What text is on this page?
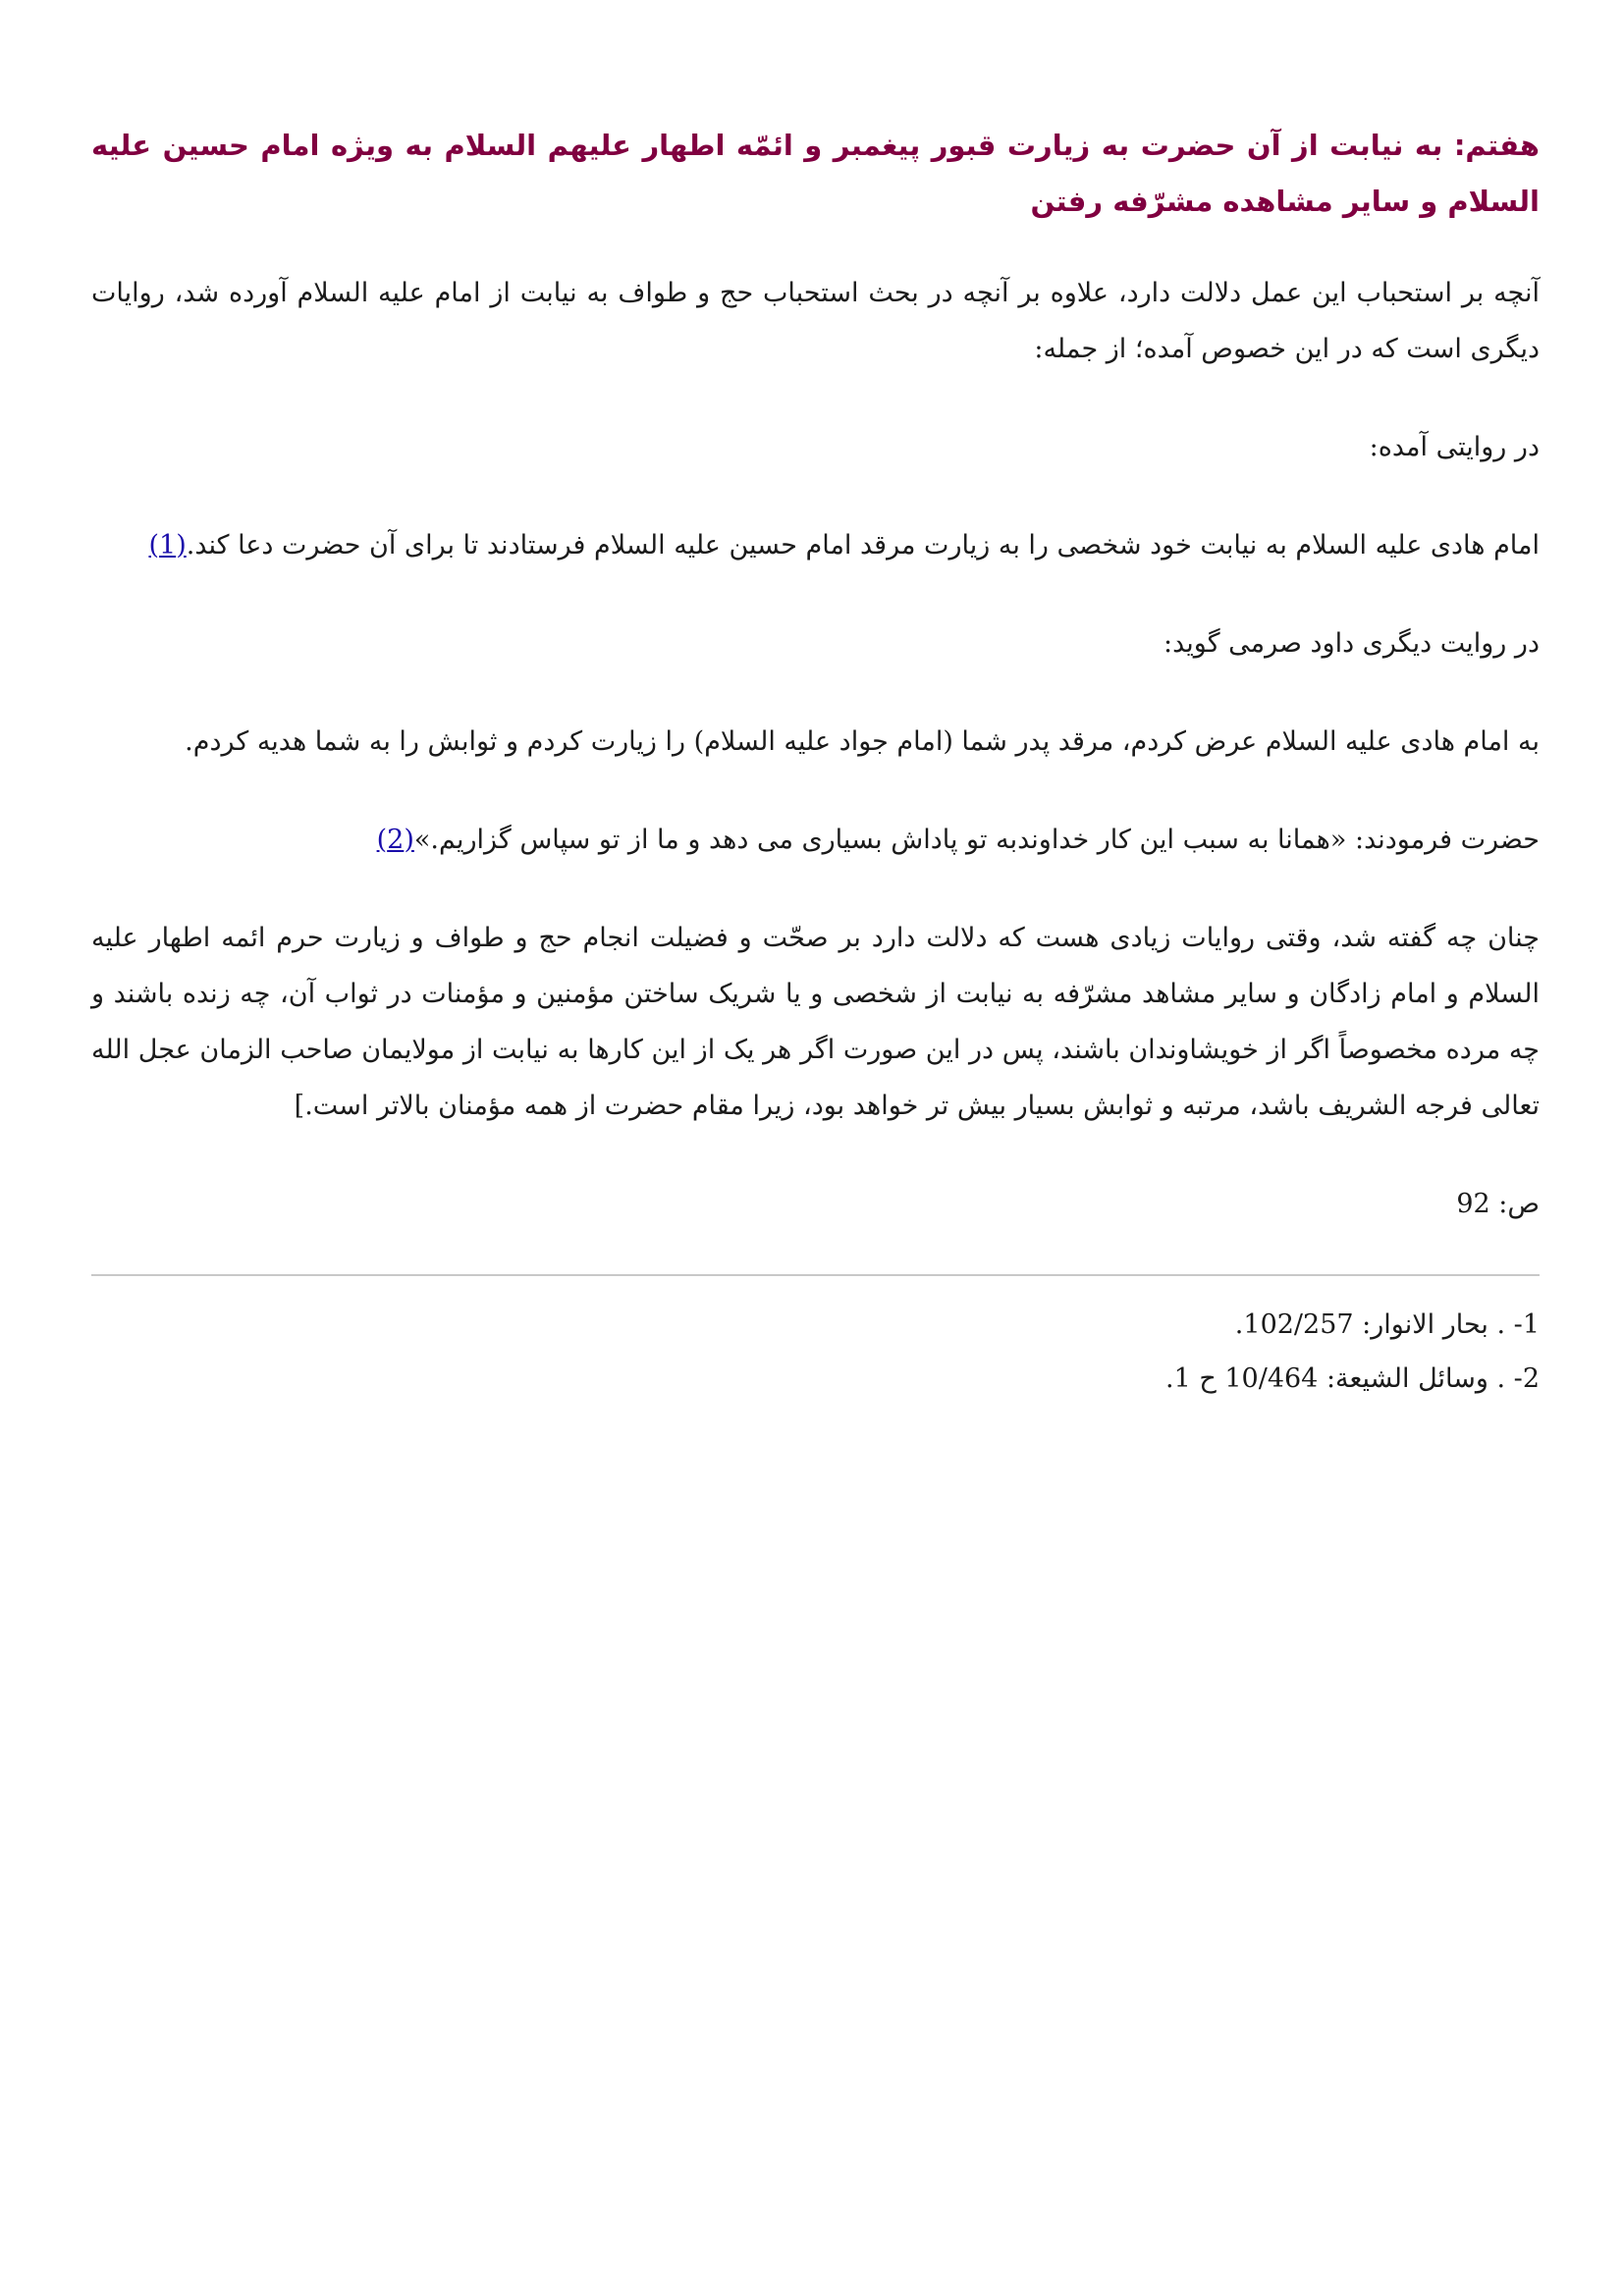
هفتم: به نیابت از آن حضرت به زیارت قبور پیغمبر و ائمّه اطهار علیهم السلام به ویژه امام حسین علیه السلام و سایر مشاهده مشرّفه رفتن

آنچه بر استحباب این عمل دلالت دارد، علاوه بر آنچه در بحث استحباب حج و طواف به نیابت از امام علیه السلام آورده شد، روایات دیگری است که در این خصوص آمده؛ از جمله:

در روایتی آمده:

امام هادی علیه السلام به نیابت خود شخصی را به زیارت مرقد امام حسین علیه السلام فرستادند تا برای آن حضرت دعا کند.(1)

در روایت دیگری داود صرمی گوید:

به امام هادی علیه السلام عرض کردم، مرقد پدر شما (امام جواد علیه السلام) را زیارت کردم و ثوابش را به شما هدیه کردم.

حضرت فرمودند: «همانا به سبب این کار خداوندبه تو پاداش بسیاری می دهد و ما از تو سپاس گزاریم.»(2)

چنان چه گفته شد، وقتی روایات زیادی هست که دلالت دارد بر صحّت و فضیلت انجام حج و طواف و زیارت حرم ائمه اطهار علیه السلام و امام زادگان و سایر مشاهد مشرّفه به نیابت از شخصی و یا شریک ساختن مؤمنین و مؤمنات در ثواب آن، چه زنده باشند و چه مرده مخصوصاً اگر از خویشاوندان باشند، پس در این صورت اگر هر یک از این کارها به نیابت از مولایمان صاحب الزمان عجل الله تعالی فرجه الشریف باشد، مرتبه و ثوابش بسیار بیش تر خواهد بود، زیرا مقام حضرت از همه مؤمنان بالاتر است.]

ص: 92

1- . بحار الانوار: 102/257.

2- . وسائل الشیعة: 10/464 ح 1.
